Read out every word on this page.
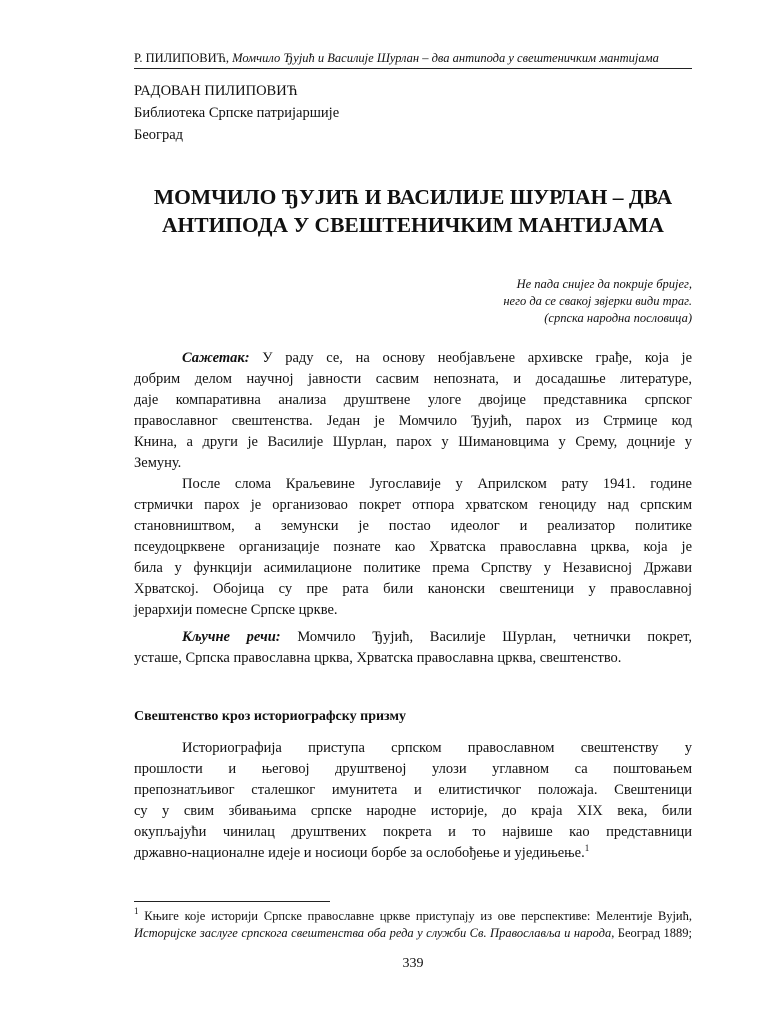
Р. ПИЛИПОВИЋ, Момчило Ђујић и Василије Шурлан – два антипода у свештеничким мантијама
РАДОВАН ПИЛИПОВИЋ
Библиотека Српске патријаршије
Београд
МОМЧИЛО ЂУЈИЋ И ВАСИЛИЈЕ ШУРЛАН – ДВА
АНТИПОДА У СВЕШТЕНИЧКИМ МАНТИЈАМА
Не пада снијег да покрије бријег,
него да се свакој звјерки види траг.
(српска народна пословица)
Сажетак: У раду се, на основу необјављене архивске грађе, која је
добрим делом научној јавности сасвим непозната, и досадашње литературе,
даје компаративна анализа друштвене улоге двојице представника српског
православног свештенства. Један је Момчило Ђујић, парох из Стрмице код
Книна, а други је Василије Шурлан, парох у Шимановцима у Срему, доцније у
Земуну.
После слома Краљевине Југославије у Априлском рату 1941. године
стрмички парох је организовао покрет отпора хрватском геноциду над српским
становништвом, а земунски је постао идеолог и реализатор политике
псеудоцрквене организације познате као Хрватска православна црква, која је
била у функцији асимилационе политике према Српству у Независној Држави
Хрватској. Обојица су пре рата били канонски свештеници у православној
јерархији помесне Српске цркве.
Кључне речи: Момчило Ђујић, Василије Шурлан, четнички покрет,
усташе, Српска православна црква, Хрватска православна црква, свештенство.
Свештенство кроз историографску призму
Историографија приступа српском православном свештенству у
прошлости и његовој друштвеној улози углавном са поштовањем
препознатљивог сталешког имунитета и елитистичког положаја. Свештеници
су у свим збивањима српске народне историје, до краја XIX века, били
окупљајући чинилац друштвених покрета и то највише као представници
државно-националне идеје и носиоци борбе за ослобођење и уједињење.$^1$
$^1$ Књиге које историји Српске православне цркве приступају из ове перспективе: Мелентије Вујић,
Историјске заслуге српскога свештенства оба реда у служби Св. Православља и народа, Београд 1889;
339
